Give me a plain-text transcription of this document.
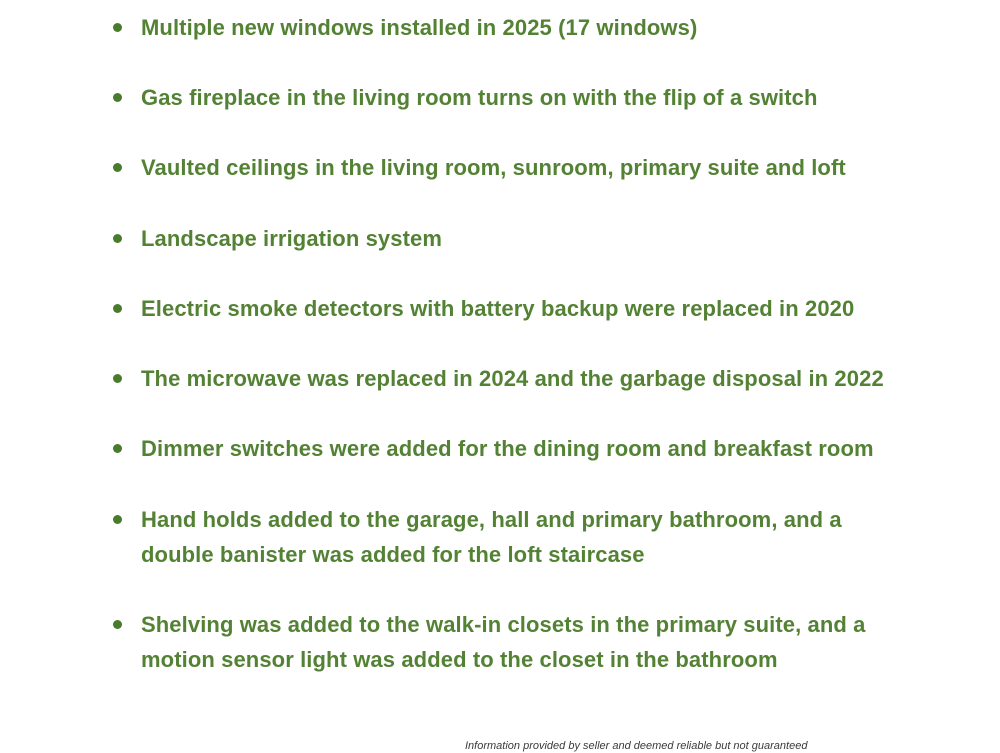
Multiple new windows installed in 2025 (17 windows)
Gas fireplace in the living room turns on with the flip of a switch
Vaulted ceilings in the living room, sunroom, primary suite and loft
Landscape irrigation system
Electric smoke detectors with battery backup were replaced in 2020
The microwave was replaced in 2024 and the garbage disposal in 2022
Dimmer switches were added for the dining room and breakfast room
Hand holds added to the garage, hall and primary bathroom, and a double banister was added for the loft staircase
Shelving was added to the walk-in closets in the primary suite, and a motion sensor light was added to the closet in the bathroom
Information provided by seller and deemed reliable but not guaranteed
